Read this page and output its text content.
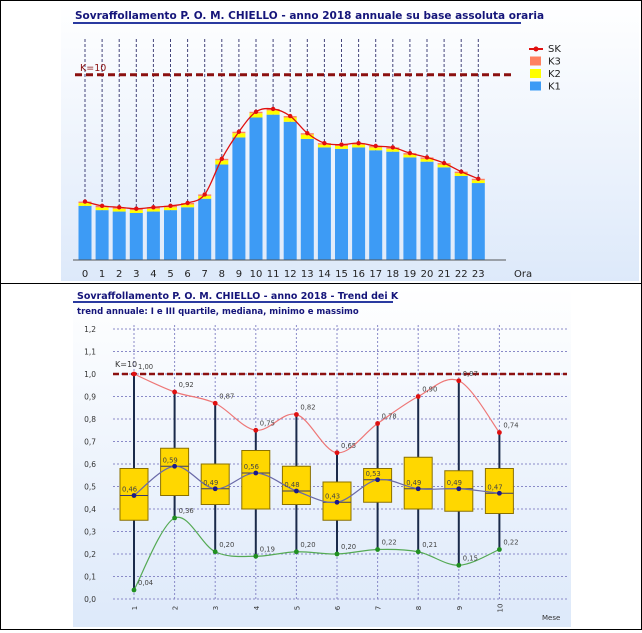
Sovraffollamento P. O. M. CHIELLO - anno 2018 annuale su base assoluta oraria
K=10
0 1 2 3 4 5 6 7 8 9 10 11 12 13 14 15 16 17 18 19 20 21 22 23	Ora
SK
K3
K2
K1
Sovraffollamento P. O. M. CHIELLO - anno 2018 - Trend dei K
trend annuale: I e III quartile, mediana, minimo e massimo
0,0
0,1
0,2
0,3
0,4
0,5
0,6
0,7
0,8
0,9
1,0
1,1
1,2
K=10 1,00
0,92
0,87
0,75
0,82
0,65
0,78
0,90
0,97
0,74
0,46
0,59
0,49
0,56
0,48
0,43
0,53
0,49	0,49
0,47
0,04
0,36
0,20
0,19
0,20	0,20
0,22	0,21
0,15
0,22
1	2	3	4	5	6	7	8	9	10
Mese
